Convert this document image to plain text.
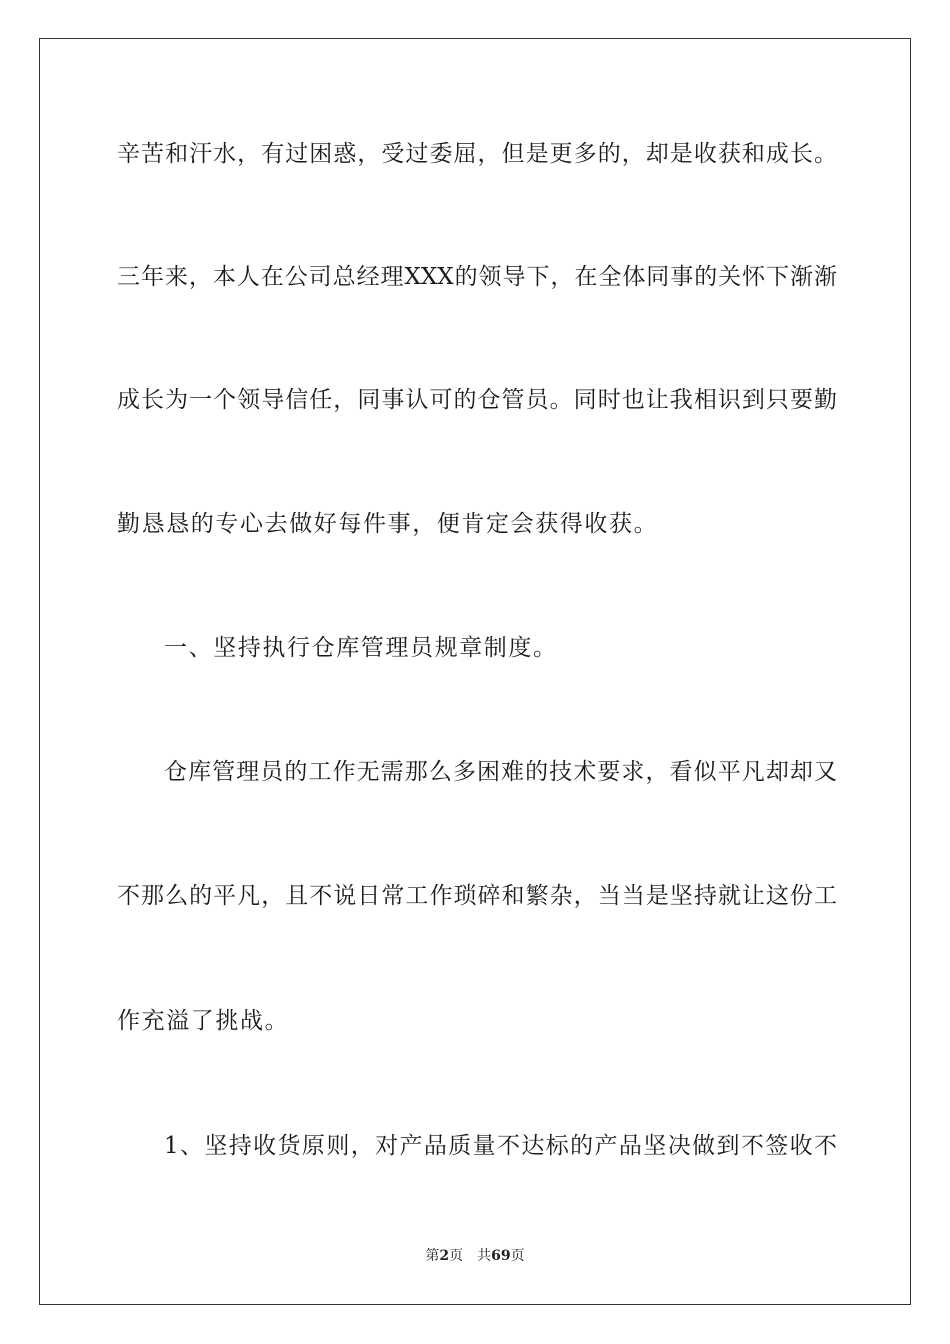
辛苦和汗水，有过困惑，受过委屈，但是更多的，却是收获和成长。
三年来，本人在公司总经理XXX的领导下，在全体同事的关怀下渐渐
成长为一个领导信任，同事认可的仓管员。同时也让我相识到只要勤
勤恳恳的专心去做好每件事，便肯定会获得收获。
一、坚持执行仓库管理员规章制度。
仓库管理员的工作无需那么多困难的技术要求，看似平凡却却又
不那么的平凡，且不说日常工作琐碎和繁杂，当当是坚持就让这份工
作充溢了挑战。
1、坚持收货原则，对产品质量不达标的产品坚决做到不签收不
第2页 共69页
